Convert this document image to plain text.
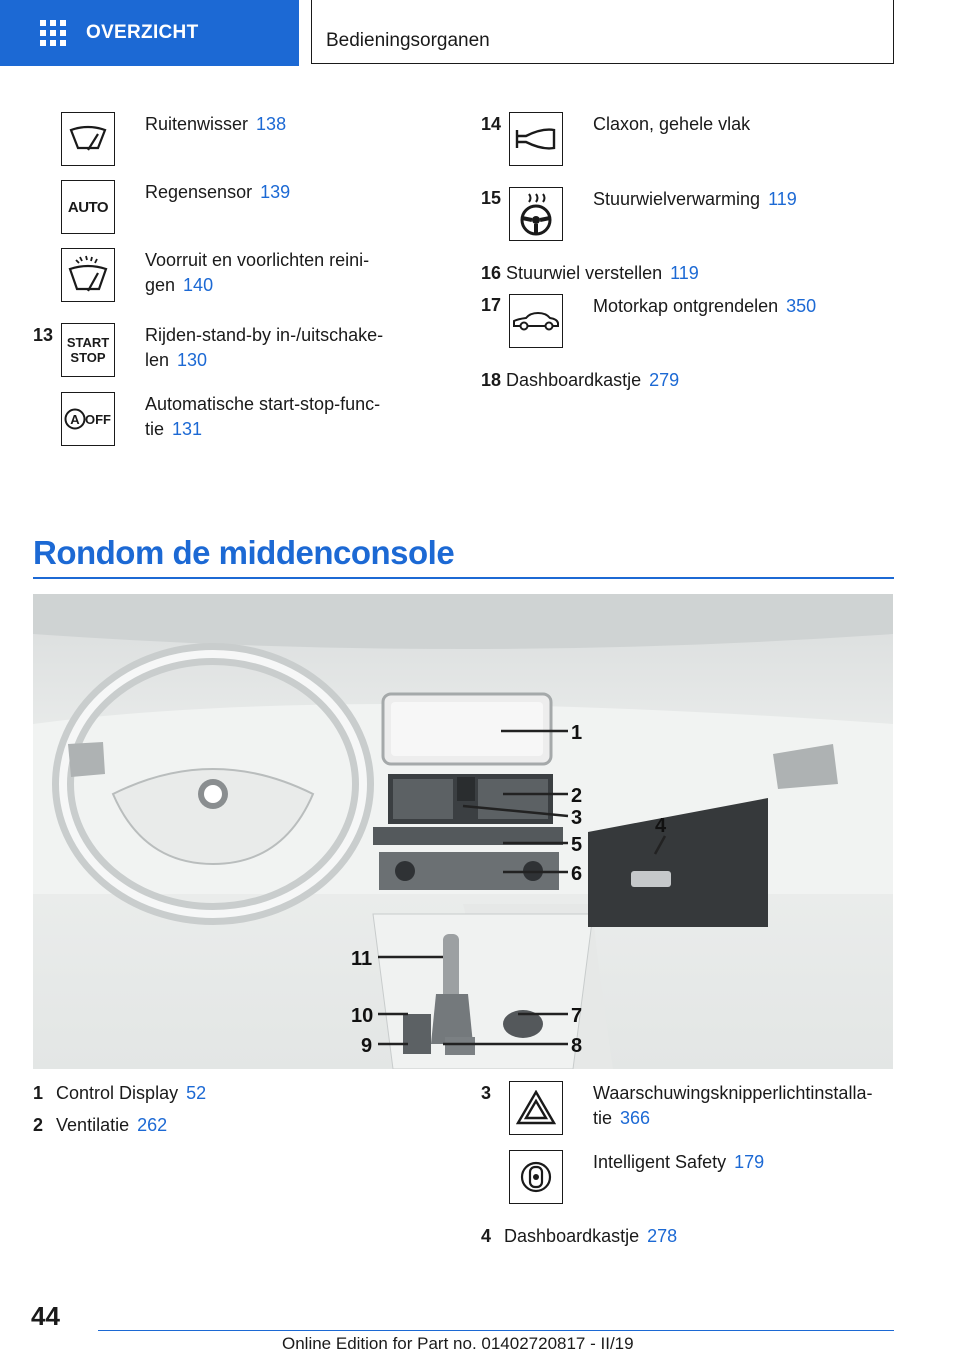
OVERZICHT	Bedieningsorganen
Ruitenwisser 138
AUTO
Regensensor 139
Voorruit en voorlichten reini-
gen 140
13 START
STOP
Rijden-stand-by in-/uitschake-
len 130
A OFF
Automatische start-stop-func-
tie 131
14	Claxon, gehele vlak
15	Stuurwielverwarming 119
16 Stuurwiel verstellen 119
17	Motorkap ontgrendelen 350
18 Dashboardkastje 279
Rondom de middenconsole
1
2
3	4
5
6
7
8
9
10
11
1 Control Display 52
2 Ventilatie 262
3	Waarschuwingsknipperlichtinstalla-
tie 366
Intelligent Safety 179
4 Dashboardkastje 278
44
Online Edition for Part no. 01402720817 - II/19
